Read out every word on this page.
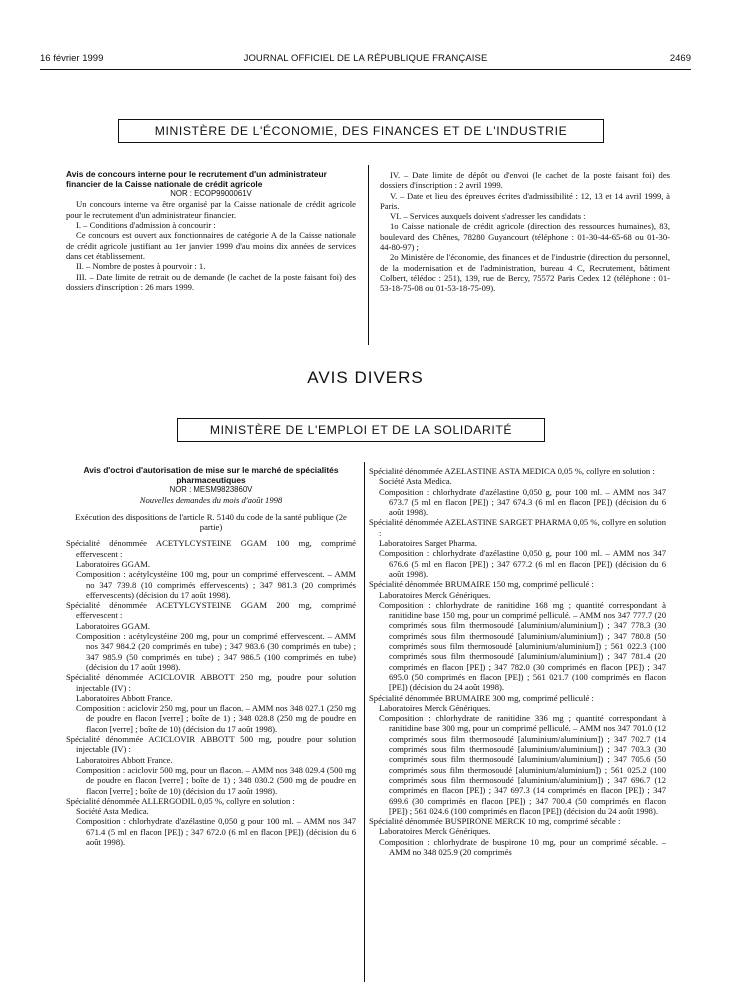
16 février 1999	JOURNAL OFFICIEL DE LA RÉPUBLIQUE FRANÇAISE	2469
MINISTÈRE DE L'ÉCONOMIE, DES FINANCES ET DE L'INDUSTRIE

Avis de concours interne pour le recrutement d'un administrateur financier de la Caisse nationale de crédit agricole

NOR : ECOP9900061V

Un concours interne va être organisé par la Caisse nationale de crédit agricole pour le recrutement d'un administrateur financier.

I. – Conditions d'admission à concourir :

Ce concours est ouvert aux fonctionnaires de catégorie A de la Caisse nationale de crédit agricole justifiant au 1er janvier 1999 d'au moins dix années de services dans cet établissement.

II. – Nombre de postes à pourvoir : 1.

III. – Date limite de retrait ou de demande (le cachet de la poste faisant foi) des dossiers d'inscription : 26 mars 1999.

IV. – Date limite de dépôt ou d'envoi (le cachet de la poste faisant foi) des dossiers d'inscription : 2 avril 1999.

V. – Date et lieu des épreuves écrites d'admissibilité : 12, 13 et 14 avril 1999, à Paris.

VI. – Services auxquels doivent s'adresser les candidats :

1o Caisse nationale de crédit agricole (direction des ressources humaines), 83, boulevard des Chênes, 78280 Guyancourt (téléphone : 01-30-44-65-68 ou 01-30-44-80-97) ;

2o Ministère de l'économie, des finances et de l'industrie (direction du personnel, de la modernisation et de l'administration, bureau 4 C, Recrutement, bâtiment Colbert, télédoc : 251), 139, rue de Bercy, 75572 Paris Cedex 12 (téléphone : 01-53-18-75-08 ou 01-53-18-75-09).

AVIS DIVERS
MINISTÈRE DE L'EMPLOI ET DE LA SOLIDARITÉ

Avis d'octroi d'autorisation de mise sur le marché de spécialités pharmaceutiques

NOR : MESM9823860V

Nouvelles demandes du mois d'août 1998

Exécution des dispositions de l'article R. 5140 du code de la santé publique (2e partie)

Spécialité dénommée ACETYLCYSTEINE GGAM 100 mg, comprimé effervescent :

Laboratoires GGAM.

Composition : acétylcystéine 100 mg, pour un comprimé effervescent. – AMM no 347 739.8 (10 comprimés effervescents) ; 347 981.3 (20 comprimés effervescents) (décision du 17 août 1998).

Spécialité dénommée ACETYLCYSTEINE GGAM 200 mg, comprimé effervescent :

Laboratoires GGAM.

Composition : acétylcystéine 200 mg, pour un comprimé effervescent. – AMM nos 347 984.2 (20 comprimés en tube) ; 347 983.6 (30 comprimés en tube) ; 347 985.9 (50 comprimés en tube) ; 347 986.5 (100 comprimés en tube) (décision du 17 août 1998).

Spécialité dénommée ACICLOVIR ABBOTT 250 mg, poudre pour solution injectable (IV) :

Laboratoires Abbott France.

Composition : aciclovir 250 mg, pour un flacon. – AMM nos 348 027.1 (250 mg de poudre en flacon [verre] ; boîte de 1) ; 348 028.8 (250 mg de poudre en flacon [verre] ; boîte de 10) (décision du 17 août 1998).

Spécialité dénommée ACICLOVIR ABBOTT 500 mg, poudre pour solution injectable (IV) :

Laboratoires Abbott France.

Composition : aciclovir 500 mg, pour un flacon. – AMM nos 348 029.4 (500 mg de poudre en flacon [verre] ; boîte de 1) ; 348 030.2 (500 mg de poudre en flacon [verre] ; boîte de 10) (décision du 17 août 1998).

Spécialité dénommée ALLERGODIL 0,05 %, collyre en solution :

Société Asta Medica.

Composition : chlorhydrate d'azélastine 0,050 g pour 100 ml. – AMM nos 347 671.4 (5 ml en flacon [PE]) ; 347 672.0 (6 ml en flacon [PE]) (décision du 6 août 1998).

Spécialité dénommée AZELASTINE ASTA MEDICA 0,05 %, collyre en solution :

Société Asta Medica.

Composition : chlorhydrate d'azélastine 0,050 g, pour 100 ml. – AMM nos 347 673.7 (5 ml en flacon [PE]) ; 347 674.3 (6 ml en flacon [PE]) (décision du 6 août 1998).

Spécialité dénommée AZELASTINE SARGET PHARMA 0,05 %, collyre en solution :

Laboratoires Sarget Pharma.

Composition : chlorhydrate d'azélastine 0,050 g, pour 100 ml. – AMM nos 347 676.6 (5 ml en flacon [PE]) ; 347 677.2 (6 ml en flacon [PE]) (décision du 6 août 1998).

Spécialité dénommée BRUMAIRE 150 mg, comprimé pelliculé :

Laboratoires Merck Génériques.

Composition : chlorhydrate de ranitidine 168 mg ; quantité correspondant à ranitidine base 150 mg, pour un comprimé pelliculé. – AMM nos 347 777.7 (20 comprimés sous film thermosoudé [aluminium/aluminium]) ; 347 778.3 (30 comprimés sous film thermosoudé [aluminium/aluminium]) ; 347 780.8 (50 comprimés sous film thermosoudé [aluminium/aluminium]) ; 561 022.3 (100 comprimés sous film thermosoudé [aluminium/aluminium]) ; 347 781.4 (20 comprimés en flacon [PE]) ; 347 782.0 (30 comprimés en flacon [PE]) ; 347 695.0 (50 comprimés en flacon [PE]) ; 561 021.7 (100 comprimés en flacon [PE]) (décision du 24 août 1998).

Spécialité dénommée BRUMAIRE 300 mg, comprimé pelliculé :

Laboratoires Merck Génériques.

Composition : chlorhydrate de ranitidine 336 mg ; quantité correspondant à ranitidine base 300 mg, pour un comprimé pelliculé. – AMM nos 347 701.0 (12 comprimés sous film thermosoudé [aluminium/aluminium]) ; 347 702.7 (14 comprimés sous film thermosoudé [aluminium/aluminium]) ; 347 703.3 (30 comprimés sous film thermosoudé [aluminium/aluminium]) ; 347 705.6 (50 comprimés sous film thermosoudé [aluminium/aluminium]) ; 561 025.2 (100 comprimés sous film thermosoudé [aluminium/aluminium]) ; 347 696.7 (12 comprimés en flacon [PE]) ; 347 697.3 (14 comprimés en flacon [PE]) ; 347 699.6 (30 comprimés en flacon [PE]) ; 347 700.4 (50 comprimés en flacon [PE]) ; 561 024.6 (100 comprimés en flacon [PE]) (décision du 24 août 1998).

Spécialité dénommée BUSPIRONE MERCK 10 mg, comprimé sécable :

Laboratoires Merck Génériques.

Composition : chlorhydrate de buspirone 10 mg, pour un comprimé sécable. – AMM no 348 025.9 (20 comprimés
